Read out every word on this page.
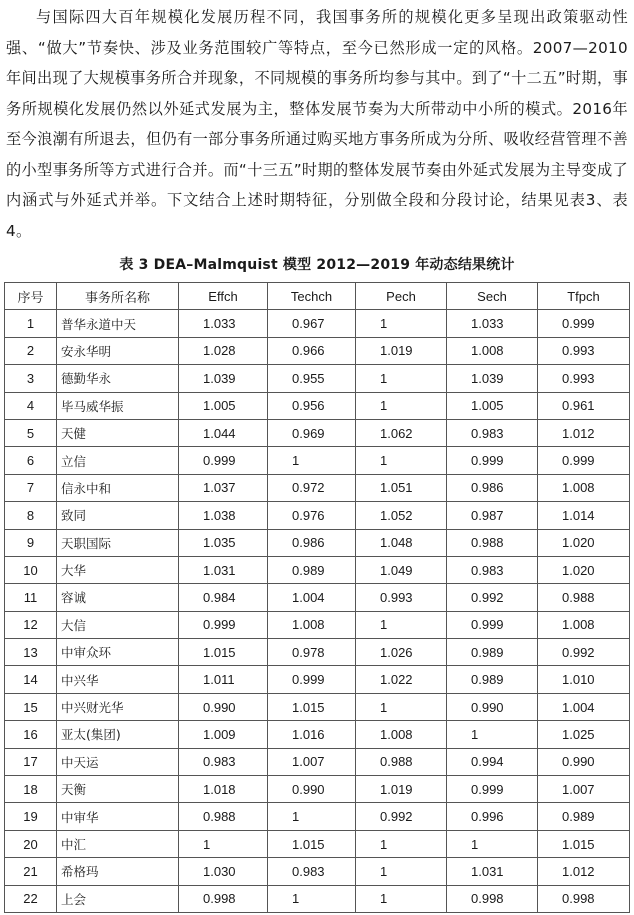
与国际四大百年规模化发展历程不同，我国事务所的规模化更多呈现出政策驱动性强、“做大”节奏快、涉及业务范围较广等特点，至今已然形成一定的风格。2007—2010年间出现了大规模事务所合并现象，不同规模的事务所均参与其中。到了“十二五”时期，事务所规模化发展仍然以外延式发展为主，整体发展节奏为大所带动中小所的模式。2016年至今浪潮有所退去，但仍有一部分事务所通过购买地方事务所成为分所、吸收经营管理不善的小型事务所等方式进行合并。而“十三五”时期的整体发展节奏由外延式发展为主导变成了内涵式与外延式并举。下文结合上述时期特征，分别做全段和分段讨论，结果见表3、表4。

表 3 DEA–Malmquist 模型 2012—2019 年动态结果统计
序号	事务所名称	Effch	Techch	Pech	Sech	Tfpch
1	普华永道中天	1.033	0.967	1	1.033	0.999
2	安永华明	1.028	0.966	1.019	1.008	0.993
3	德勤华永	1.039	0.955	1	1.039	0.993
4	毕马威华振	1.005	0.956	1	1.005	0.961
5	天健	1.044	0.969	1.062	0.983	1.012
6	立信	0.999	1	1	0.999	0.999
7	信永中和	1.037	0.972	1.051	0.986	1.008
8	致同	1.038	0.976	1.052	0.987	1.014
9	天职国际	1.035	0.986	1.048	0.988	1.020
10	大华	1.031	0.989	1.049	0.983	1.020
11	容诚	0.984	1.004	0.993	0.992	0.988
12	大信	0.999	1.008	1	0.999	1.008
13	中审众环	1.015	0.978	1.026	0.989	0.992
14	中兴华	1.011	0.999	1.022	0.989	1.010
15	中兴财光华	0.990	1.015	1	0.990	1.004
16	亚太(集团)	1.009	1.016	1.008	1	1.025
17	中天运	0.983	1.007	0.988	0.994	0.990
18	天衡	1.018	0.990	1.019	0.999	1.007
19	中审华	0.988	1	0.992	0.996	0.989
20	中汇	1	1.015	1	1	1.015
21	希格玛	1.030	0.983	1	1.031	1.012
22	上会	0.998	1	1	0.998	0.998
